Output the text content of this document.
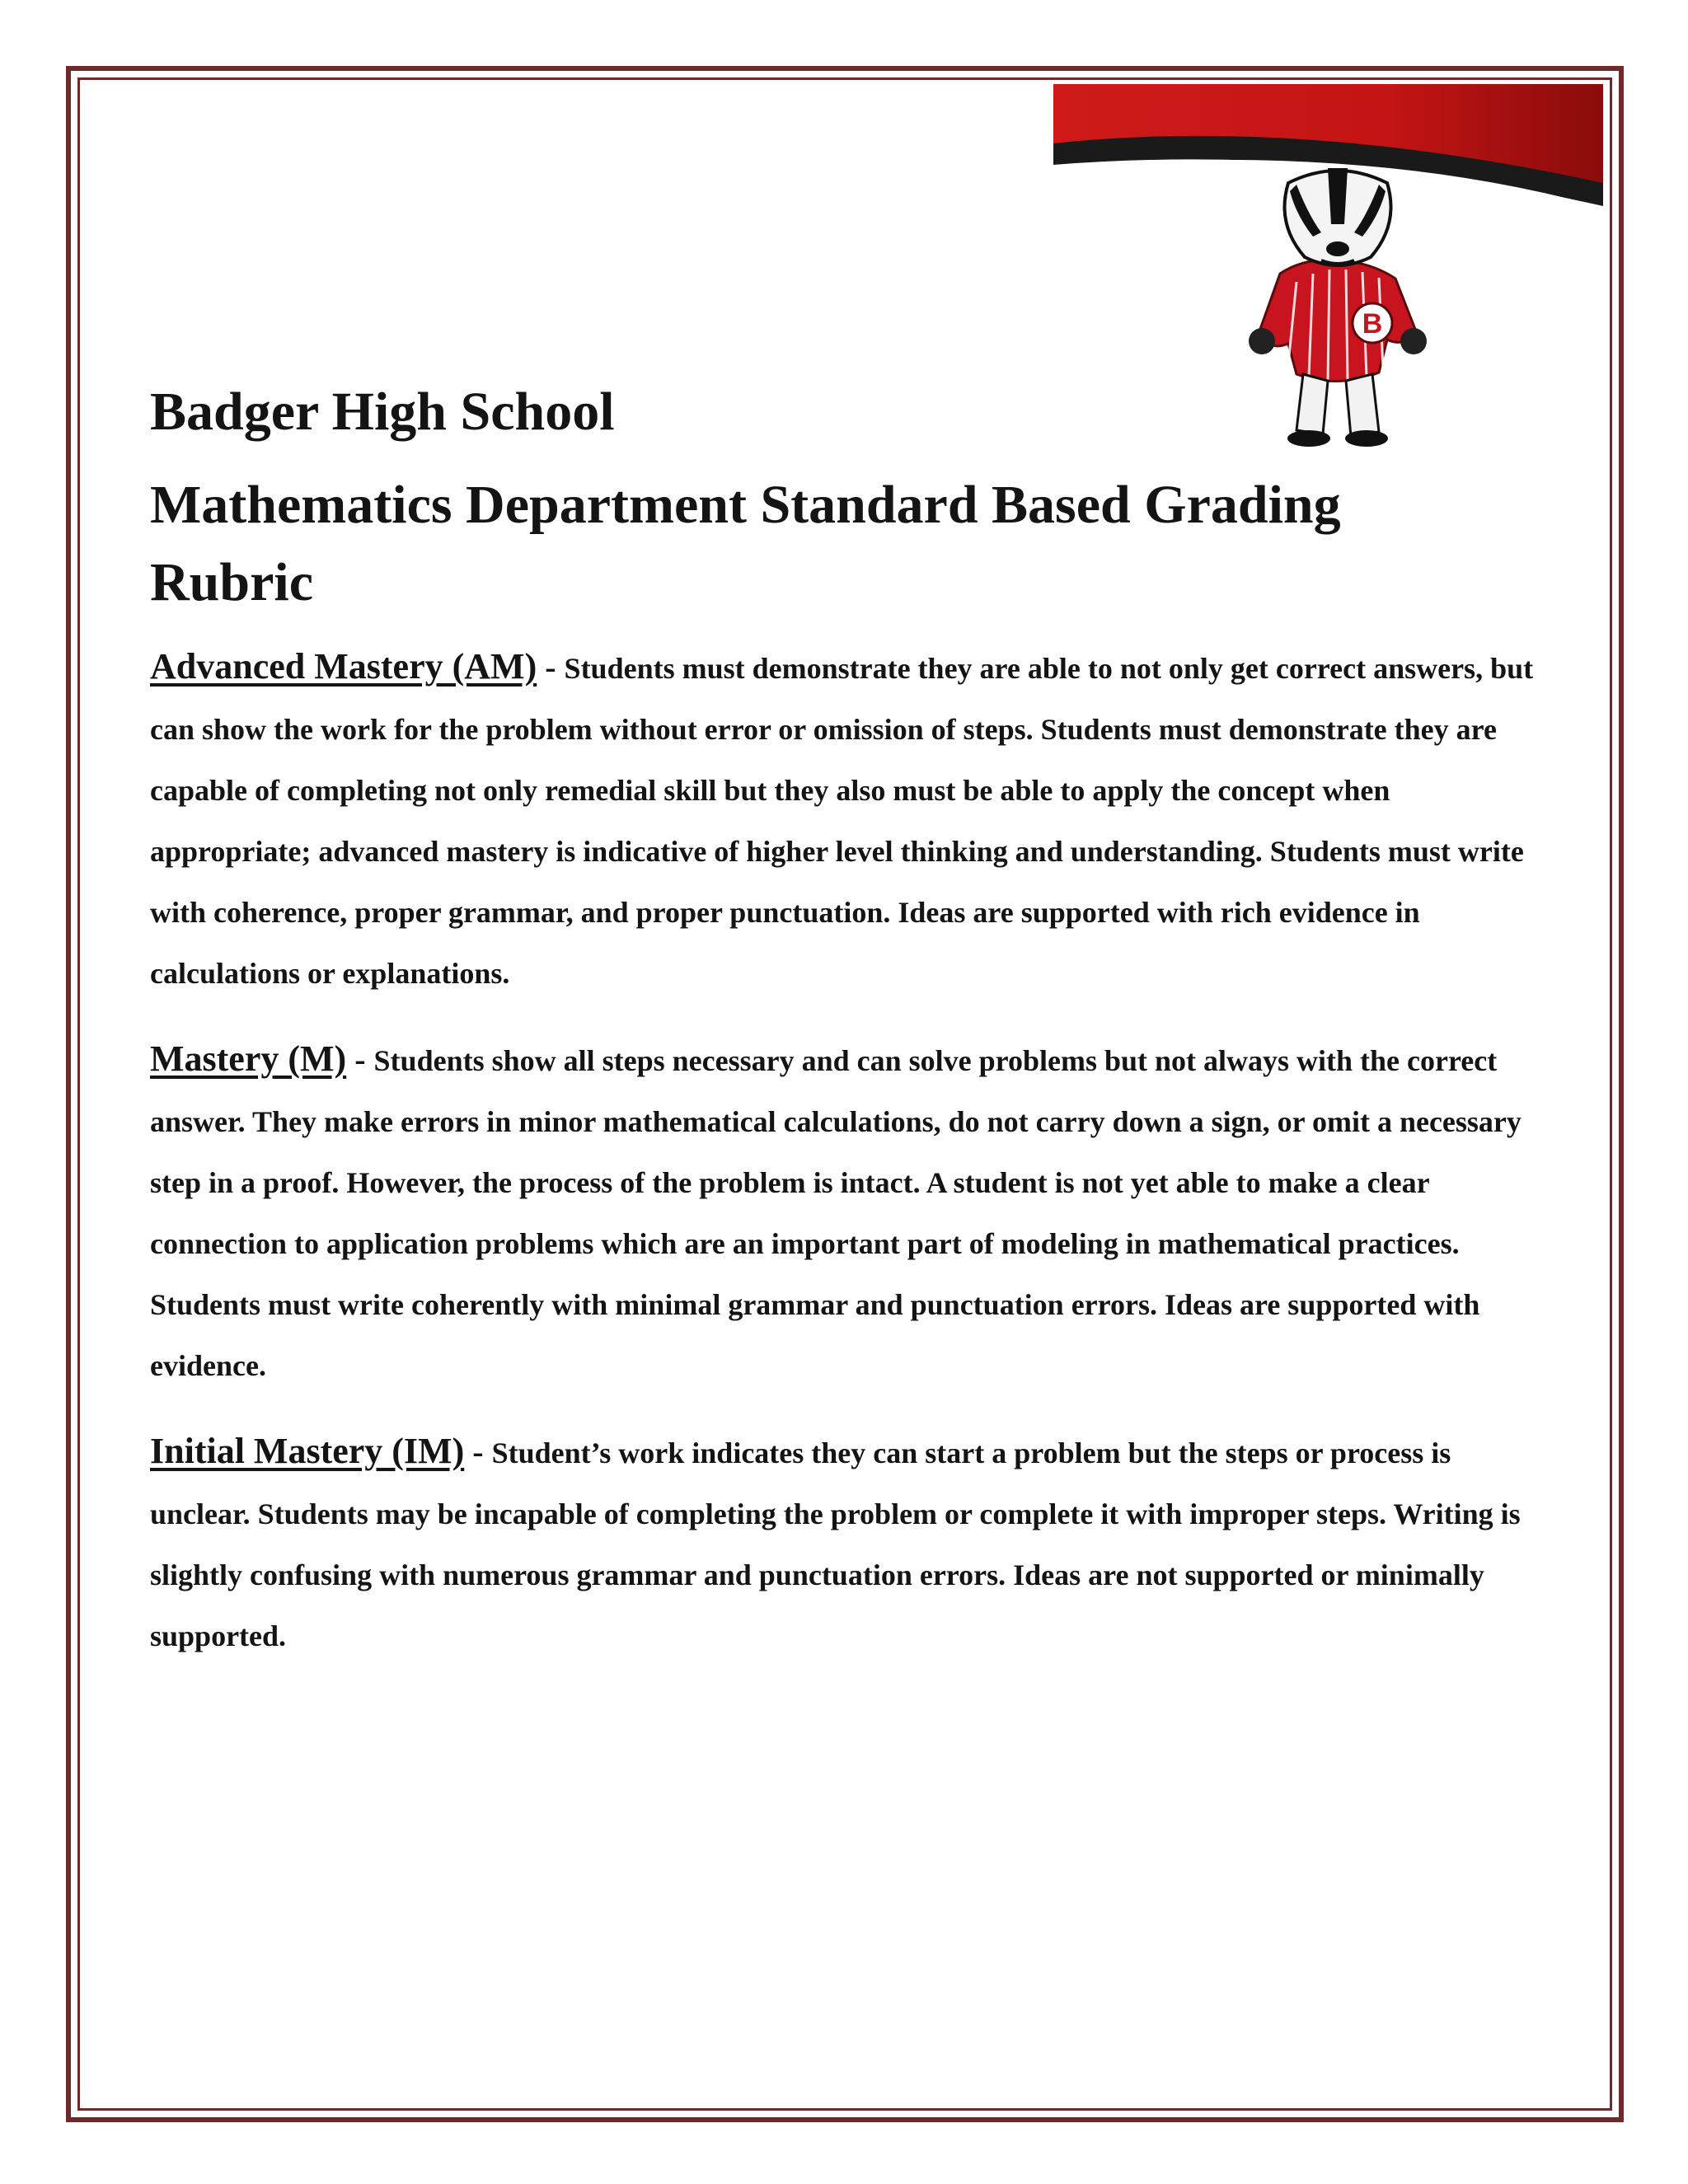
B
Badger High School
Mathematics Department Standard Based Grading Rubric

Advanced Mastery (AM) - Students must demonstrate they are able to not only get correct answers, but can show the work for the problem without error or omission of steps. Students must demonstrate they are capable of completing not only remedial skill but they also must be able to apply the concept when appropriate; advanced mastery is indicative of higher level thinking and understanding. Students must write with coherence, proper grammar, and proper punctuation. Ideas are supported with rich evidence in calculations or explanations.

Mastery (M) - Students show all steps necessary and can solve problems but not always with the correct answer. They make errors in minor mathematical calculations, do not carry down a sign, or omit a necessary step in a proof. However, the process of the problem is intact. A student is not yet able to make a clear connection to application problems which are an important part of modeling in mathematical practices. Students must write coherently with minimal grammar and punctuation errors. Ideas are supported with evidence.

Initial Mastery (IM) - Student’s work indicates they can start a problem but the steps or process is unclear. Students may be incapable of completing the problem or complete it with improper steps. Writing is slightly confusing with numerous grammar and punctuation errors. Ideas are not supported or minimally supported.
